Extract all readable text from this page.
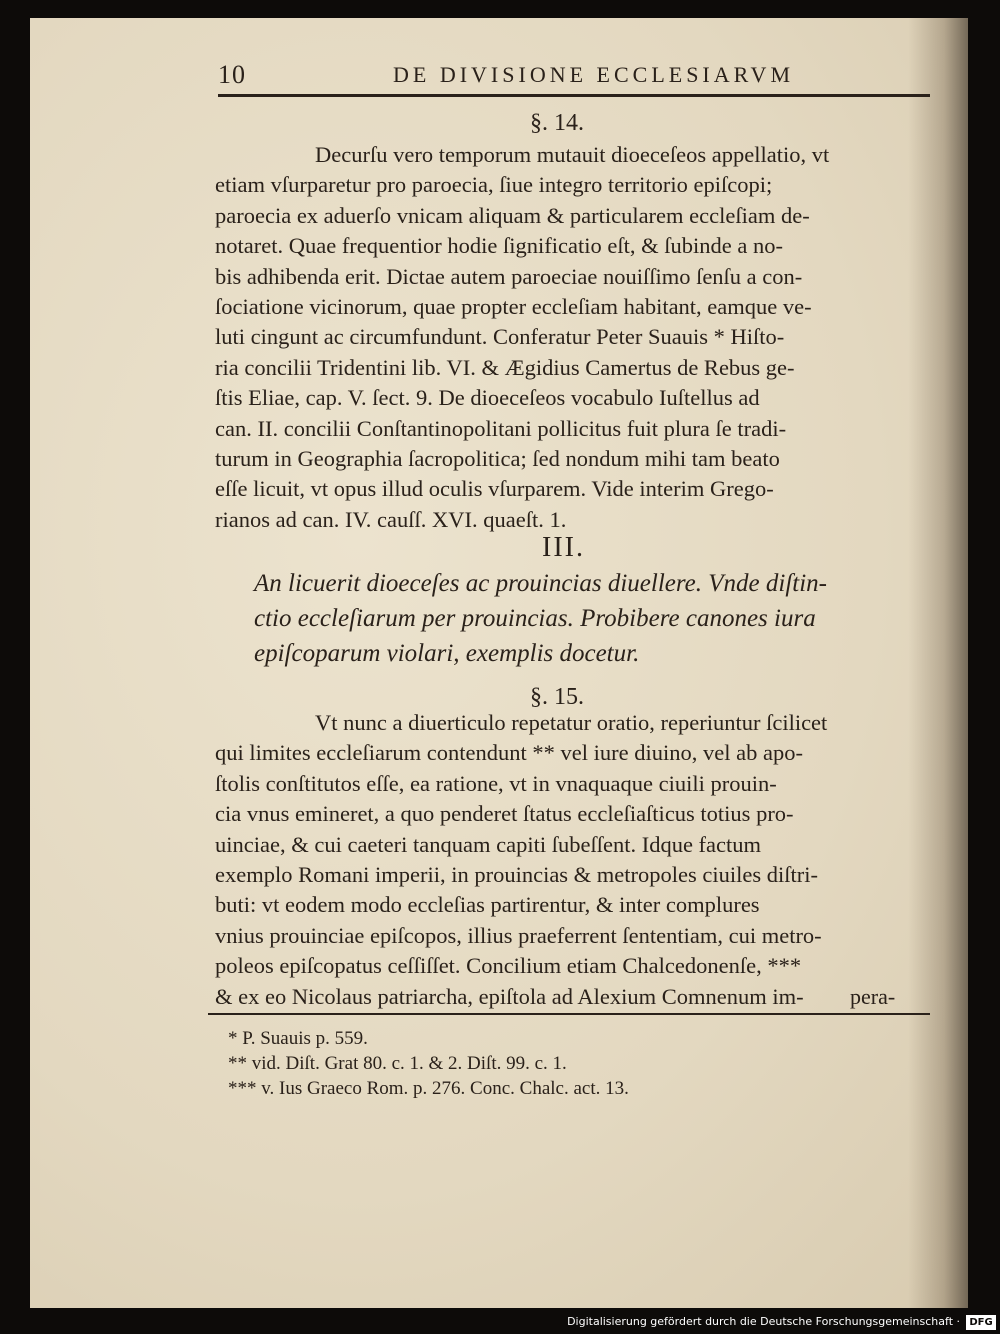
10	DE DIVISIONE ECCLESIARVM
§. 14.
Decurſu vero temporum mutauit dioeceſeos appellatio, vt
etiam vſurparetur pro paroecia, ſiue integro territorio epiſcopi;
paroecia ex aduerſo vnicam aliquam & particularem eccleſiam de-
notaret. Quae frequentior hodie ſignificatio eſt, & ſubinde a no-
bis adhibenda erit. Dictae autem paroeciae nouiſſimo ſenſu a con-
ſociatione vicinorum, quae propter eccleſiam habitant, eamque ve-
luti cingunt ac circumfundunt. Conferatur Peter Suauis * Hiſto-
ria concilii Tridentini lib. VI. & Ægidius Camertus de Rebus ge-
ſtis Eliae, cap. V. ſect. 9. De dioeceſeos vocabulo Iuſtellus ad
can. II. concilii Conſtantinopolitani pollicitus fuit plura ſe tradi-
turum in Geographia ſacropolitica; ſed nondum mihi tam beato
eſſe licuit, vt opus illud oculis vſurparem. Vide interim Grego-
rianos ad can. IV. cauſſ. XVI. quaeſt. 1.
III.
An licuerit dioeceſes ac prouincias diuellere. Vnde diſtin-
ctio eccleſiarum per prouincias. Probibere canones iura
epiſcoparum violari, exemplis docetur.
§. 15.
Vt nunc a diuerticulo repetatur oratio, reperiuntur ſcilicet
qui limites eccleſiarum contendunt ** vel iure diuino, vel ab apo-
ſtolis conſtitutos eſſe, ea ratione, vt in vnaquaque ciuili prouin-
cia vnus emineret, a quo penderet ſtatus eccleſiaſticus totius pro-
uinciae, & cui caeteri tanquam capiti ſubeſſent. Idque factum
exemplo Romani imperii, in prouincias & metropoles ciuiles diſtri-
buti: vt eodem modo eccleſias partirentur, & inter complures
vnius prouinciae epiſcopos, illius praeferrent ſententiam, cui metro-
poleos epiſcopatus ceſſiſſet. Concilium etiam Chalcedonenſe, ***
& ex eo Nicolaus patriarcha, epiſtola ad Alexium Comnenum im-	pera-
* P. Suauis p. 559.
** vid. Diſt. Grat 80. c. 1. & 2. Diſt. 99. c. 1.
*** v. Ius Graeco Rom. p. 276. Conc. Chalc. act. 13.
Digitalisierung gefördert durch die Deutsche Forschungsgemeinschaft · DFG
